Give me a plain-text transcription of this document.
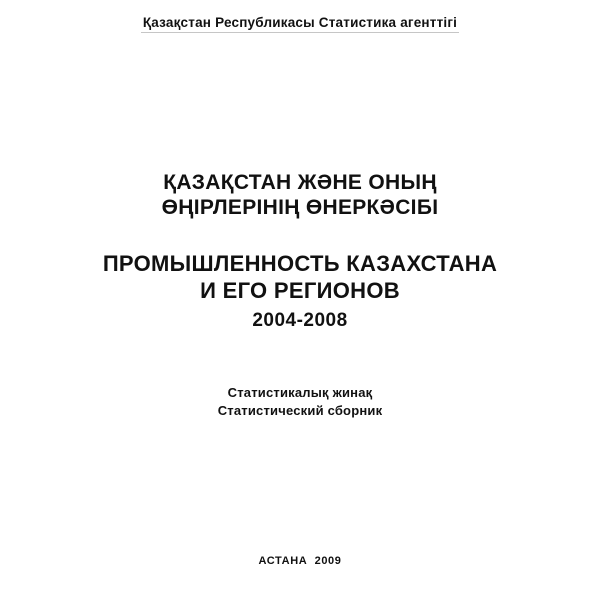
Қазақстан Республикасы Статистика агенттігі
ҚАЗАҚСТАН ЖӘНЕ ОНЫҢ
ӨҢІРЛЕРІНІҢ ӨНЕРКӘСІБІ
ПРОМЫШЛЕННОСТЬ КАЗАХСТАНА
И ЕГО РЕГИОНОВ
2004-2008
Статистикалық жинақ
Статистический сборник
АСТАНА  2009
